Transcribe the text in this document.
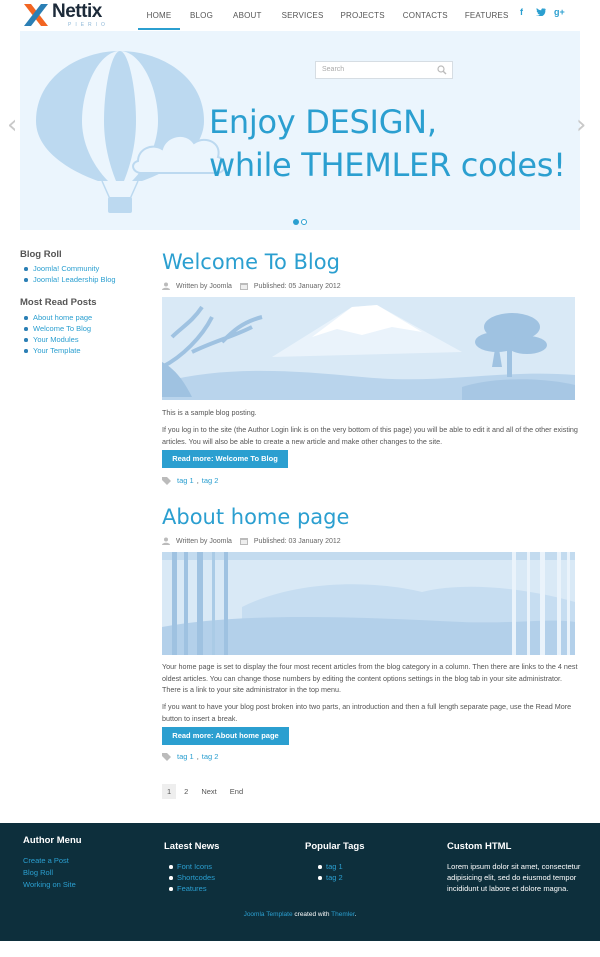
Nettix
PIERIO
HOME	BLOG	ABOUT	SERVICES PROJECTS CONTACTS FEATURES f	g+
Search
Enjoy DESIGN,
while THEMLER codes!
‹	›
Blog Roll
Joomla! Community
Joomla! Leadership Blog
Most Read Posts
About home page
Welcome To Blog
Your Modules
Your Template
Welcome To Blog
Written by Joomla	Published: 05 January 2012
This is a sample blog posting.
If you log in to the site (the Author Login link is on the very bottom of this page) you will be able to edit it and all of the other existing articles. You will also be able to create a new article and make other changes to the site.
Read more: Welcome To Blog
tag 1 , tag 2
About home page
Written by Joomla	Published: 03 January 2012
Your home page is set to display the four most recent articles from the blog category in a column. Then there are links to the 4 nest oldest articles. You can change those numbers by editing the content options settings in the blog tab in your site administrator. There is a link to your site administrator in the top menu.
If you want to have your blog post broken into two parts, an introduction and then a full length separate page, use the Read More button to insert a break.
Read more: About home page
tag 1 , tag 2
1	2	Next	End
Author Menu
Create a Post
Blog Roll
Working on Site
Latest News
Font Icons
Shortcodes
Features
Popular Tags
tag 1
tag 2
Custom HTML
Lorem ipsum dolor sit amet, consectetur adipisicing elit, sed do eiusmod tempor incididunt ut labore et dolore magna.
Joomla Template created with Themler.
